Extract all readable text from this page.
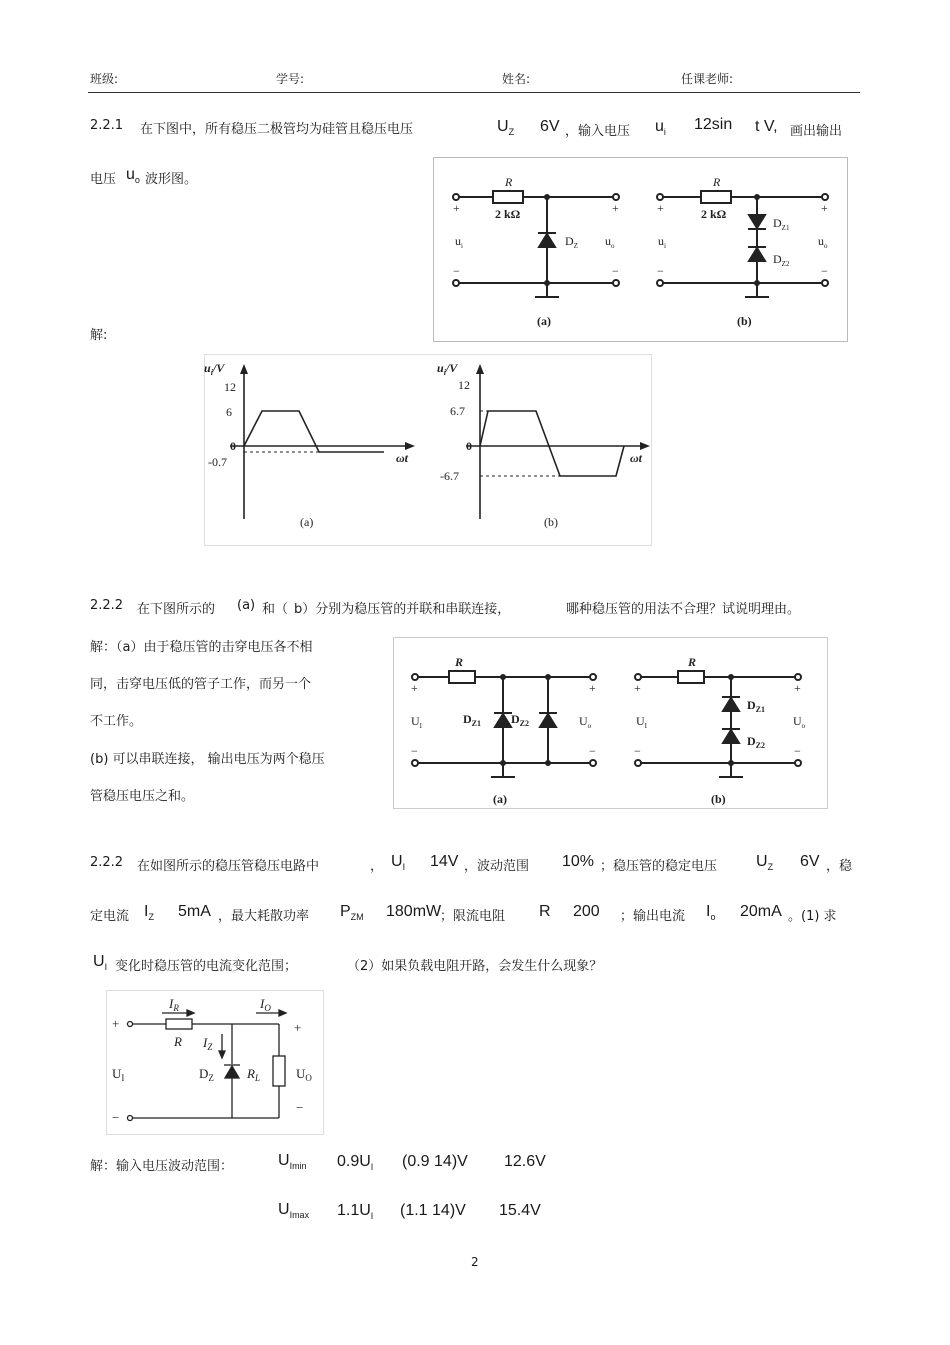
班级:	学号:	姓名:	任课老师:
2.2.1 在下图中，所有稳压二极管均为硅管且稳压电压	$U_Z$ 6V ，输入电压 $u_i$ 12sin t V, 画出输出
电压 $u_o$ 波形图。
解:
R
2 kΩ
+	+
−	−
$u_i$	$u_o$
$D_Z$
(a)
R
2 kΩ
+	+
−	−
$u_i$	$u_o$
$D_{Z1}$
$D_{Z2}$
(b)
$u_i/V$
12
6
0
-0.7	ωt
(a)
$u_i/V$
12
6.7
0
-6.7
ωt
(b)
2.2.2 在下图所示的 (a) 和（ b）分别为稳压管的并联和串联连接，	哪种稳压管的用法不合理？试说明理由。
解：（a）由于稳压管的击穿电压各不相
同，击穿电压低的管子工作，而另一个
不工作。
(b) 可以串联连接， 输出电压为两个稳压
管稳压电压之和。
R
+	+
−	−
$U_I$	$U_o$
$D_{Z1}$ $D_{Z2}$
(a)
R
+	+
−	−
$U_I$	$U_o$
$D_{Z1}$
$D_{Z2}$
(b)
2.2.2 在如图所示的稳压管稳压电路中	， $U_I$ 14V ，波动范围 10% ；稳压管的稳定电压 $U_Z$ 6V ，稳
定电流 $I_Z$ 5mA ，最大耗散功率 $P_{ZM}$ 180mW
；限流电阻 R 200 ；输出电流 $I_o$ 20mA 。(1) 求
$U_I$ 变化时稳压管的电流变化范围；	（2）如果负载电阻开路，会发生什么现象？
$I_R$	$I_O$
R $I_Z$
+	+
−
−
$U_I$	$D_Z$	$R_L$	$U_O$
解：输入电压波动范围：	$U_{Imin}$ $0.9U_I$ (0.9 14)V 12.6V
$U_{Imax}$ $1.1U_I$ (1.1 14)V 15.4V
2
